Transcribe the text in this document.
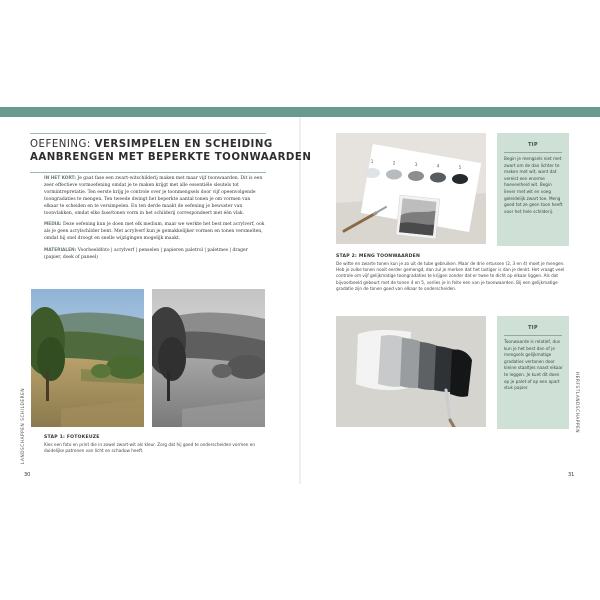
OEFENING: VERSIMPELEN EN SCHEIDING
AANBRENGEN MET BEPERKTE TOONWAARDEN
IN HET KORT: Je gaat fase een zwart-witschilderij maken met maar vijf toonwaarden. Dit is een zeer effectieve vormoefening omdat je te maken krijgt met alle essentiële sleutels tot vormintrepretatie. Ten eerste krijg je controle over je toonmengsels door vijf opeenvolgende toongradaties te mengen. Ten tweede dwingt het beperkte aantal tonen je om vormen van elkaar te scheiden en te versimpelen. En ten derde maakt de oefening je bewuster van toonvlakken, omdat elke fase/tonen vorm in het schilderij correspondeert met één vlak.
MEDIA: Deze oefening kun je doen met elk medium, maar we werkte het best met acrylverf, ook als je geen acrylschilder bent. Met acrylverf kun je gemakkelijker vormen en tonen versmelten, omdat hij snel droogt en snelle wijzigingen mogelijk maakt.
MATERIALEN: Voorbeeldfoto | acrylverf | penselen | papieren paletrol | paletmes | drager (papier, doek of paneel)
STAP 1: FOTOKEUZE
Kies een foto en print die in zowel zwart-wit als kleur. Zorg dat hij goed te onderscheiden vormen en duidelijke patronen van licht en schaduw heeft.
LANDSCHAPPEN SCHILDEREN
30
1	2	3	4	5
TIP
Begin je mengsels niet met zwart om de dan lichter te maken met wit, want dat vereist een enorme hoeveelheid wit. Begin liever met wit en voeg geleidelijk zwart toe. Meng goed tot ze geen toon heeft voor het hele schilderij.
STAP 2: MENG TOONWAARDEN
De witte en zwarte tonen kun je zo uit de tube gebruiken. Maar de drie ertussen (2, 3 en 4) moet je mengen. Heb je zulke tonen nooit eerder gemengd, dan zul je merken dat het lastiger is dan je denkt. Het vraagt veel controle om vijf gelijkmatige toongradaties te krijgen zonder dat er twee te dicht op elkaar liggen. Als dat bijvoorbeeld gebeurt met de tonen 4 en 5, verlies je in feite een van je toonwaarden. Bij een gelijkmatige gradatie zijn de tonen goed van elkaar te onderscheiden.
TIP
Toonwaarde is relatief, dus kun je het best dan of je mengsels gelijkmatige gradaties vertonen door kleine staaltjes naast elkaar te leggen. Je kunt dit doen op je palet of op een apart stuk papier.	HERFSTLANDSCHAPPEN
31
